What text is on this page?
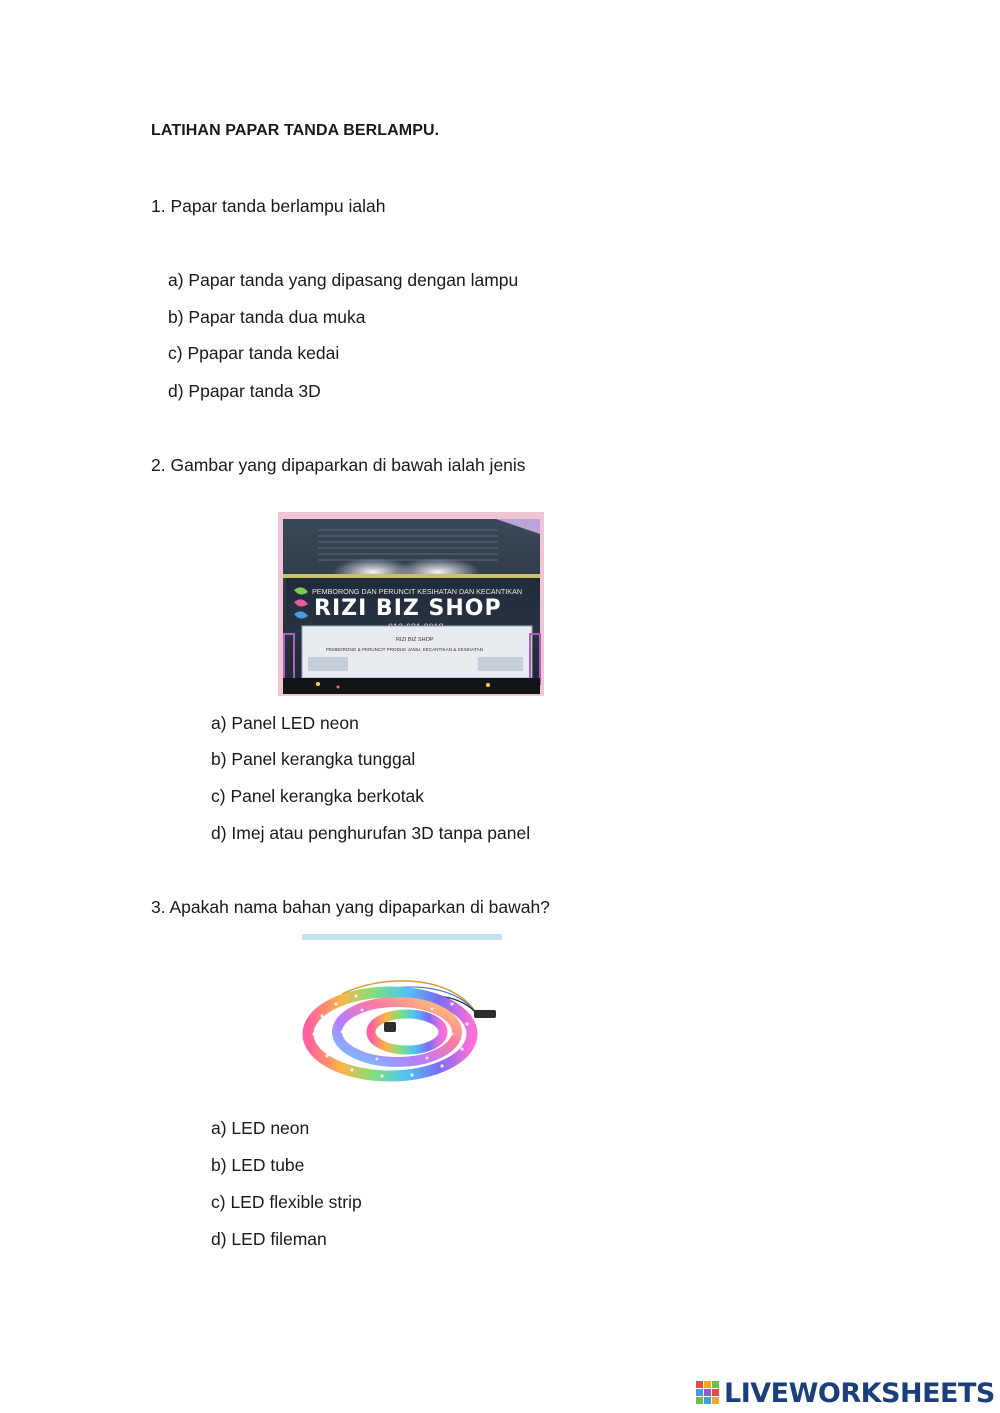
LATIHAN PAPAR TANDA BERLAMPU.
1. Papar tanda berlampu ialah
a) Papar tanda yang dipasang dengan lampu
b) Papar tanda dua muka
c) Ppapar tanda kedai
d) Ppapar tanda 3D
2. Gambar yang dipaparkan di bawah ialah jenis
PEMBORONG DAN PERUNCIT KESIHATAN DAN KECANTIKAN
RIZI BIZ SHOP
RIZI BIZ SHOP
PEMBORONG & PERUNCIT PRODUK JAMU, KECANTIKAN & KESIHATAN
a) Panel LED neon
b) Panel kerangka tunggal
c) Panel kerangka berkotak
d) Imej atau penghurufan 3D tanpa panel
3. Apakah nama bahan yang dipaparkan di bawah?
a) LED neon
b) LED tube
c) LED flexible strip
d) LED fileman
LIVEWORKSHEETS
